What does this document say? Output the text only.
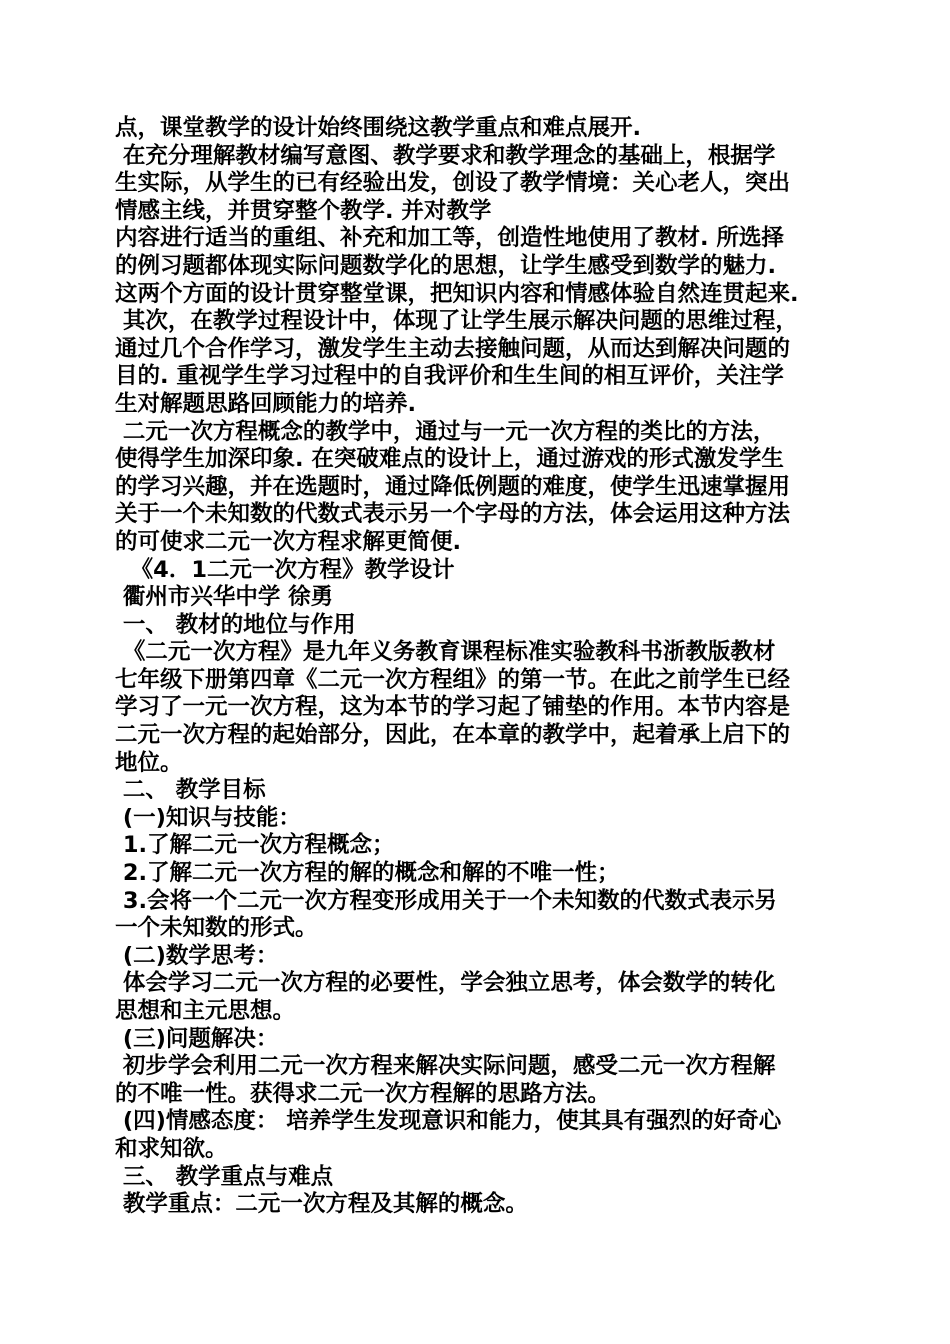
点，课堂教学的设计始终围绕这教学重点和难点展开.
在充分理解教材编写意图、教学要求和教学理念的基础上，根据学
生实际，从学生的已有经验出发，创设了教学情境：关心老人，突出
情感主线，并贯穿整个教学. 并对教学
内容进行适当的重组、补充和加工等，创造性地使用了教材. 所选择
的例习题都体现实际问题数学化的思想，让学生感受到数学的魅力.
这两个方面的设计贯穿整堂课，把知识内容和情感体验自然连贯起来.
其次，在教学过程设计中，体现了让学生展示解决问题的思维过程，
通过几个合作学习，激发学生主动去接触问题，从而达到解决问题的
目的. 重视学生学习过程中的自我评价和生生间的相互评价，关注学
生对解题思路回顾能力的培养.
二元一次方程概念的教学中，通过与一元一次方程的类比的方法，
使得学生加深印象. 在突破难点的设计上，通过游戏的形式激发学生
的学习兴趣，并在选题时，通过降低例题的难度，使学生迅速掌握用
关于一个未知数的代数式表示另一个字母的方法，体会运用这种方法
的可使求二元一次方程求解更简便.
《4．1二元一次方程》教学设计
衢州市兴华中学 徐勇
一、 教材的地位与作用
《二元一次方程》是九年义务教育课程标准实验教科书浙教版教材
七年级下册第四章《二元一次方程组》的第一节。在此之前学生已经
学习了一元一次方程，这为本节的学习起了铺垫的作用。本节内容是
二元一次方程的起始部分，因此，在本章的教学中，起着承上启下的
地位。
二、 教学目标
(一)知识与技能：
1.了解二元一次方程概念；
2.了解二元一次方程的解的概念和解的不唯一性；
3.会将一个二元一次方程变形成用关于一个未知数的代数式表示另
一个未知数的形式。
(二)数学思考：
体会学习二元一次方程的必要性，学会独立思考，体会数学的转化
思想和主元思想。
(三)问题解决：
初步学会利用二元一次方程来解决实际问题，感受二元一次方程解
的不唯一性。获得求二元一次方程解的思路方法。
(四)情感态度： 培养学生发现意识和能力，使其具有强烈的好奇心
和求知欲。
三、 教学重点与难点
教学重点：二元一次方程及其解的概念。
